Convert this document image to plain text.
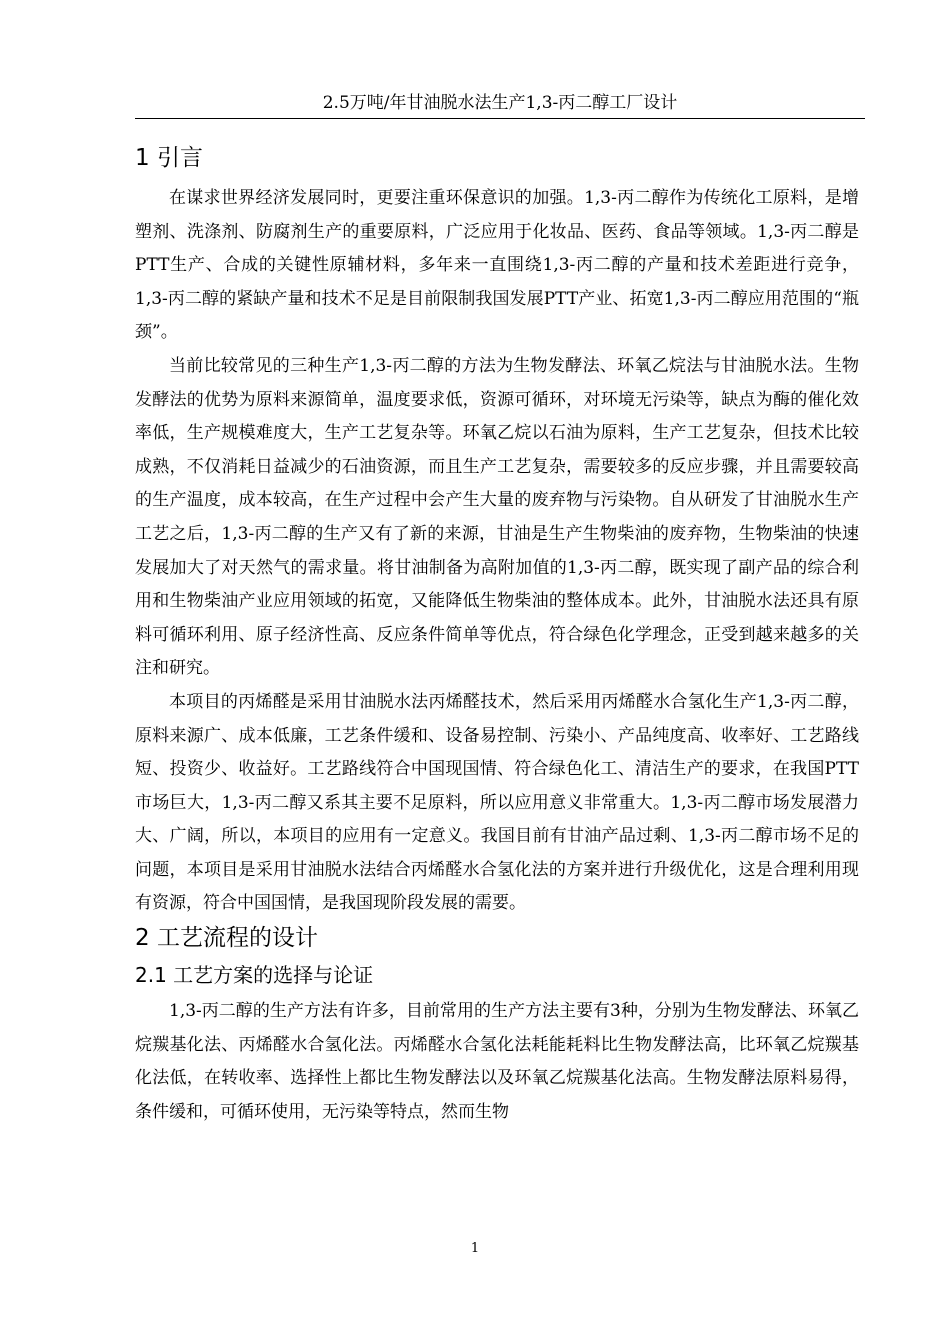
2.5万吨/年甘油脱水法生产1,3-丙二醇工厂设计
1 引言

在谋求世界经济发展同时，更要注重环保意识的加强。1,3-丙二醇作为传统化工原料，是增塑剂、洗涤剂、防腐剂生产的重要原料，广泛应用于化妆品、医药、食品等领域。1,3-丙二醇是PTT生产、合成的关键性原辅材料，多年来一直围绕1,3-丙二醇的产量和技术差距进行竞争，1,3-丙二醇的紧缺产量和技术不足是目前限制我国发展PTT产业、拓宽1,3-丙二醇应用范围的“瓶颈”。

当前比较常见的三种生产1,3-丙二醇的方法为生物发酵法、环氧乙烷法与甘油脱水法。生物发酵法的优势为原料来源简单，温度要求低，资源可循环，对环境无污染等，缺点为酶的催化效率低，生产规模难度大，生产工艺复杂等。环氧乙烷以石油为原料，生产工艺复杂，但技术比较成熟，不仅消耗日益减少的石油资源，而且生产工艺复杂，需要较多的反应步骤，并且需要较高的生产温度，成本较高，在生产过程中会产生大量的废弃物与污染物。自从研发了甘油脱水生产工艺之后，1,3-丙二醇的生产又有了新的来源，甘油是生产生物柴油的废弃物，生物柴油的快速发展加大了对天然气的需求量。将甘油制备为高附加值的1,3-丙二醇，既实现了副产品的综合利用和生物柴油产业应用领域的拓宽，又能降低生物柴油的整体成本。此外，甘油脱水法还具有原料可循环利用、原子经济性高、反应条件简单等优点，符合绿色化学理念，正受到越来越多的关注和研究。

本项目的丙烯醛是采用甘油脱水法丙烯醛技术，然后采用丙烯醛水合氢化生产1,3-丙二醇，原料来源广、成本低廉，工艺条件缓和、设备易控制、污染小、产品纯度高、收率好、工艺路线短、投资少、收益好。工艺路线符合中国现国情、符合绿色化工、清洁生产的要求，在我国PTT市场巨大，1,3-丙二醇又系其主要不足原料，所以应用意义非常重大。1,3-丙二醇市场发展潜力大、广阔，所以，本项目的应用有一定意义。我国目前有甘油产品过剩、1,3-丙二醇市场不足的问题，本项目是采用甘油脱水法结合丙烯醛水合氢化法的方案并进行升级优化，这是合理利用现有资源，符合中国国情，是我国现阶段发展的需要。

2 工艺流程的设计
2.1 工艺方案的选择与论证

1,3-丙二醇的生产方法有许多，目前常用的生产方法主要有3种，分别为生物发酵法、环氧乙烷羰基化法、丙烯醛水合氢化法。丙烯醛水合氢化法耗能耗料比生物发酵法高，比环氧乙烷羰基化法低，在转收率、选择性上都比生物发酵法以及环氧乙烷羰基化法高。生物发酵法原料易得，条件缓和，可循环使用，无污染等特点，然而生物

1
